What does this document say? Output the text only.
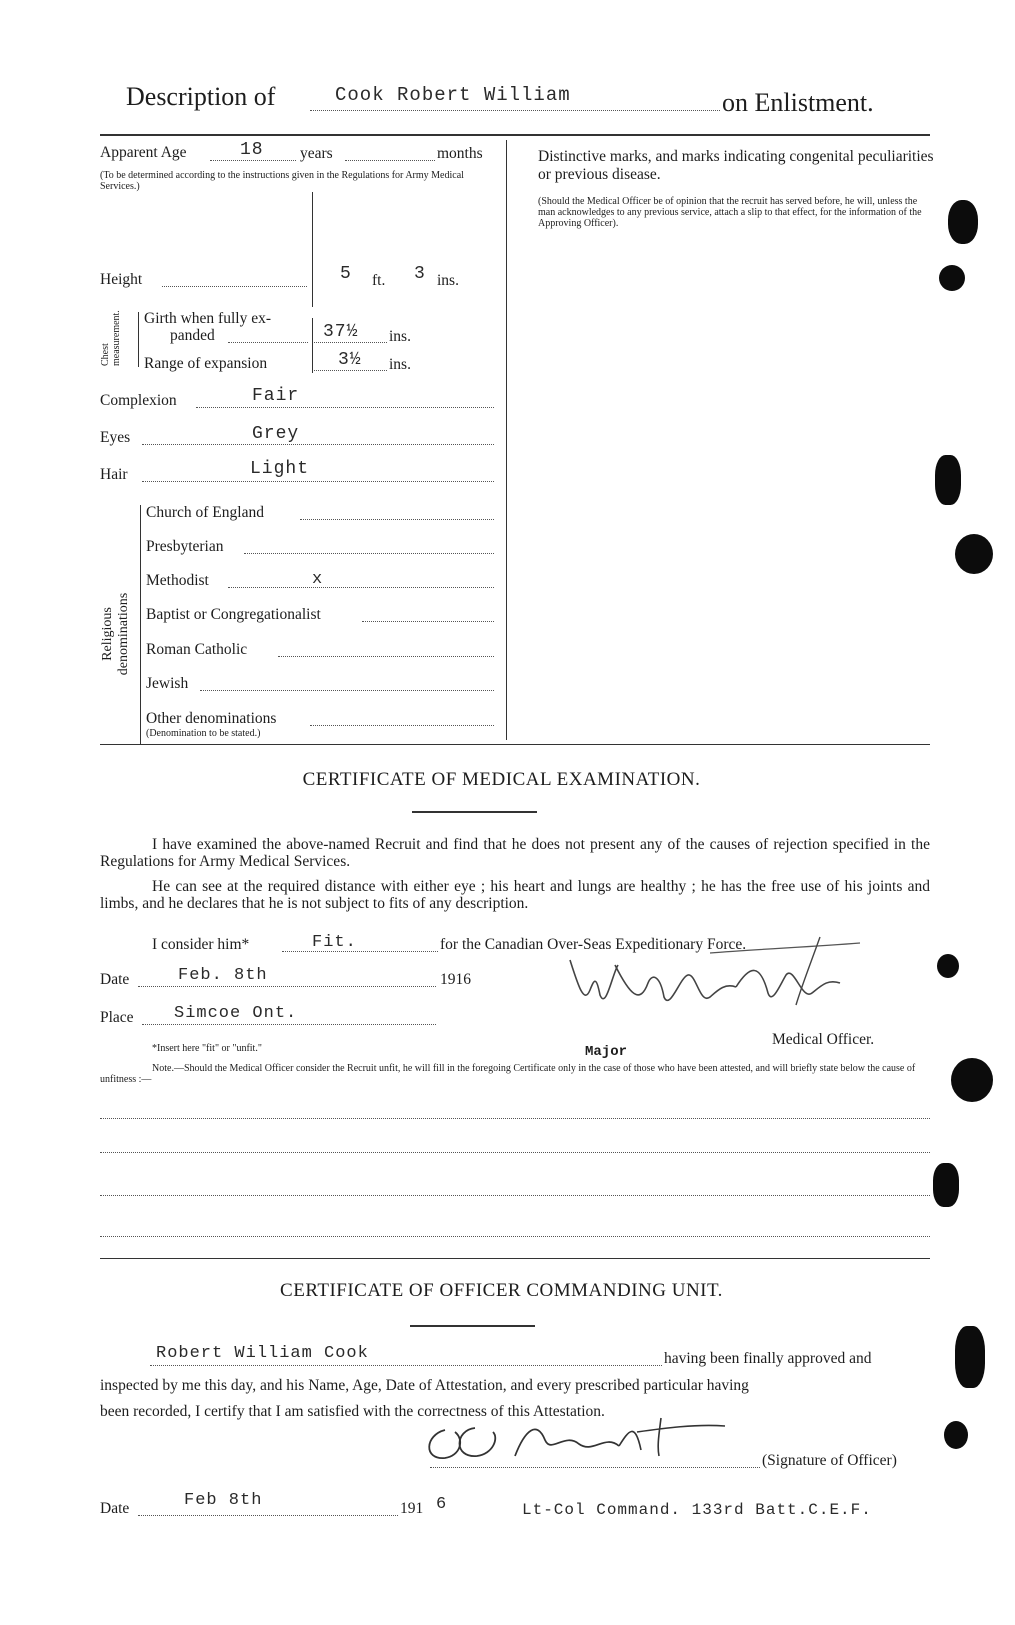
Description of	Cook Robert William	on Enlistment.
Apparent Age	18 years	months
(To be determined according to the instructions given in the Regulations for Army Medical Services.)
Height	5 ft. 3 ins.
Chest measurement. Girth when fully ex-
panded	37½ ins.
Range of expansion	3½ ins.
Complexion	Fair
Eyes	Grey
Hair	Light
Religious denominations
Church of England
Presbyterian
Methodist	x
Baptist or Congregationalist
Roman Catholic
Jewish
Other denominations
(Denomination to be stated.)
Distinctive marks, and marks indicating congenital peculiarities or previous disease.
(Should the Medical Officer be of opinion that the recruit has served before, he will, unless the man acknowledges to any previous service, attach a slip to that effect, for the information of the Approving Officer).
CERTIFICATE OF MEDICAL EXAMINATION.
I have examined the above-named Recruit and find that he does not present any of the causes of rejection specified in the Regulations for Army Medical Services.
He can see at the required distance with either eye ; his heart and lungs are healthy ; he has the free use of his joints and limbs, and he declares that he is not subject to fits of any description.
I consider him*	Fit.	for the Canadian Over-Seas Expeditionary Force.
Date	Feb. 8th	1916
Place Simcoe Ont.
Medical Officer.
Major
*Insert here "fit" or "unfit."
Note.—Should the Medical Officer consider the Recruit unfit, he will fill in the foregoing Certificate only in the case of those who have been attested, and will briefly state below the cause of unfitness :—
CERTIFICATE OF OFFICER COMMANDING UNIT.
Robert William Cook	having been finally approved and
inspected by me this day, and his Name, Age, Date of Attestation, and every prescribed particular having
been recorded, I certify that I am satisfied with the correctness of this Attestation.
(Signature of Officer)
Date	Feb 8th	191 6	Lt-Col Command. 133rd Batt.C.E.F.
